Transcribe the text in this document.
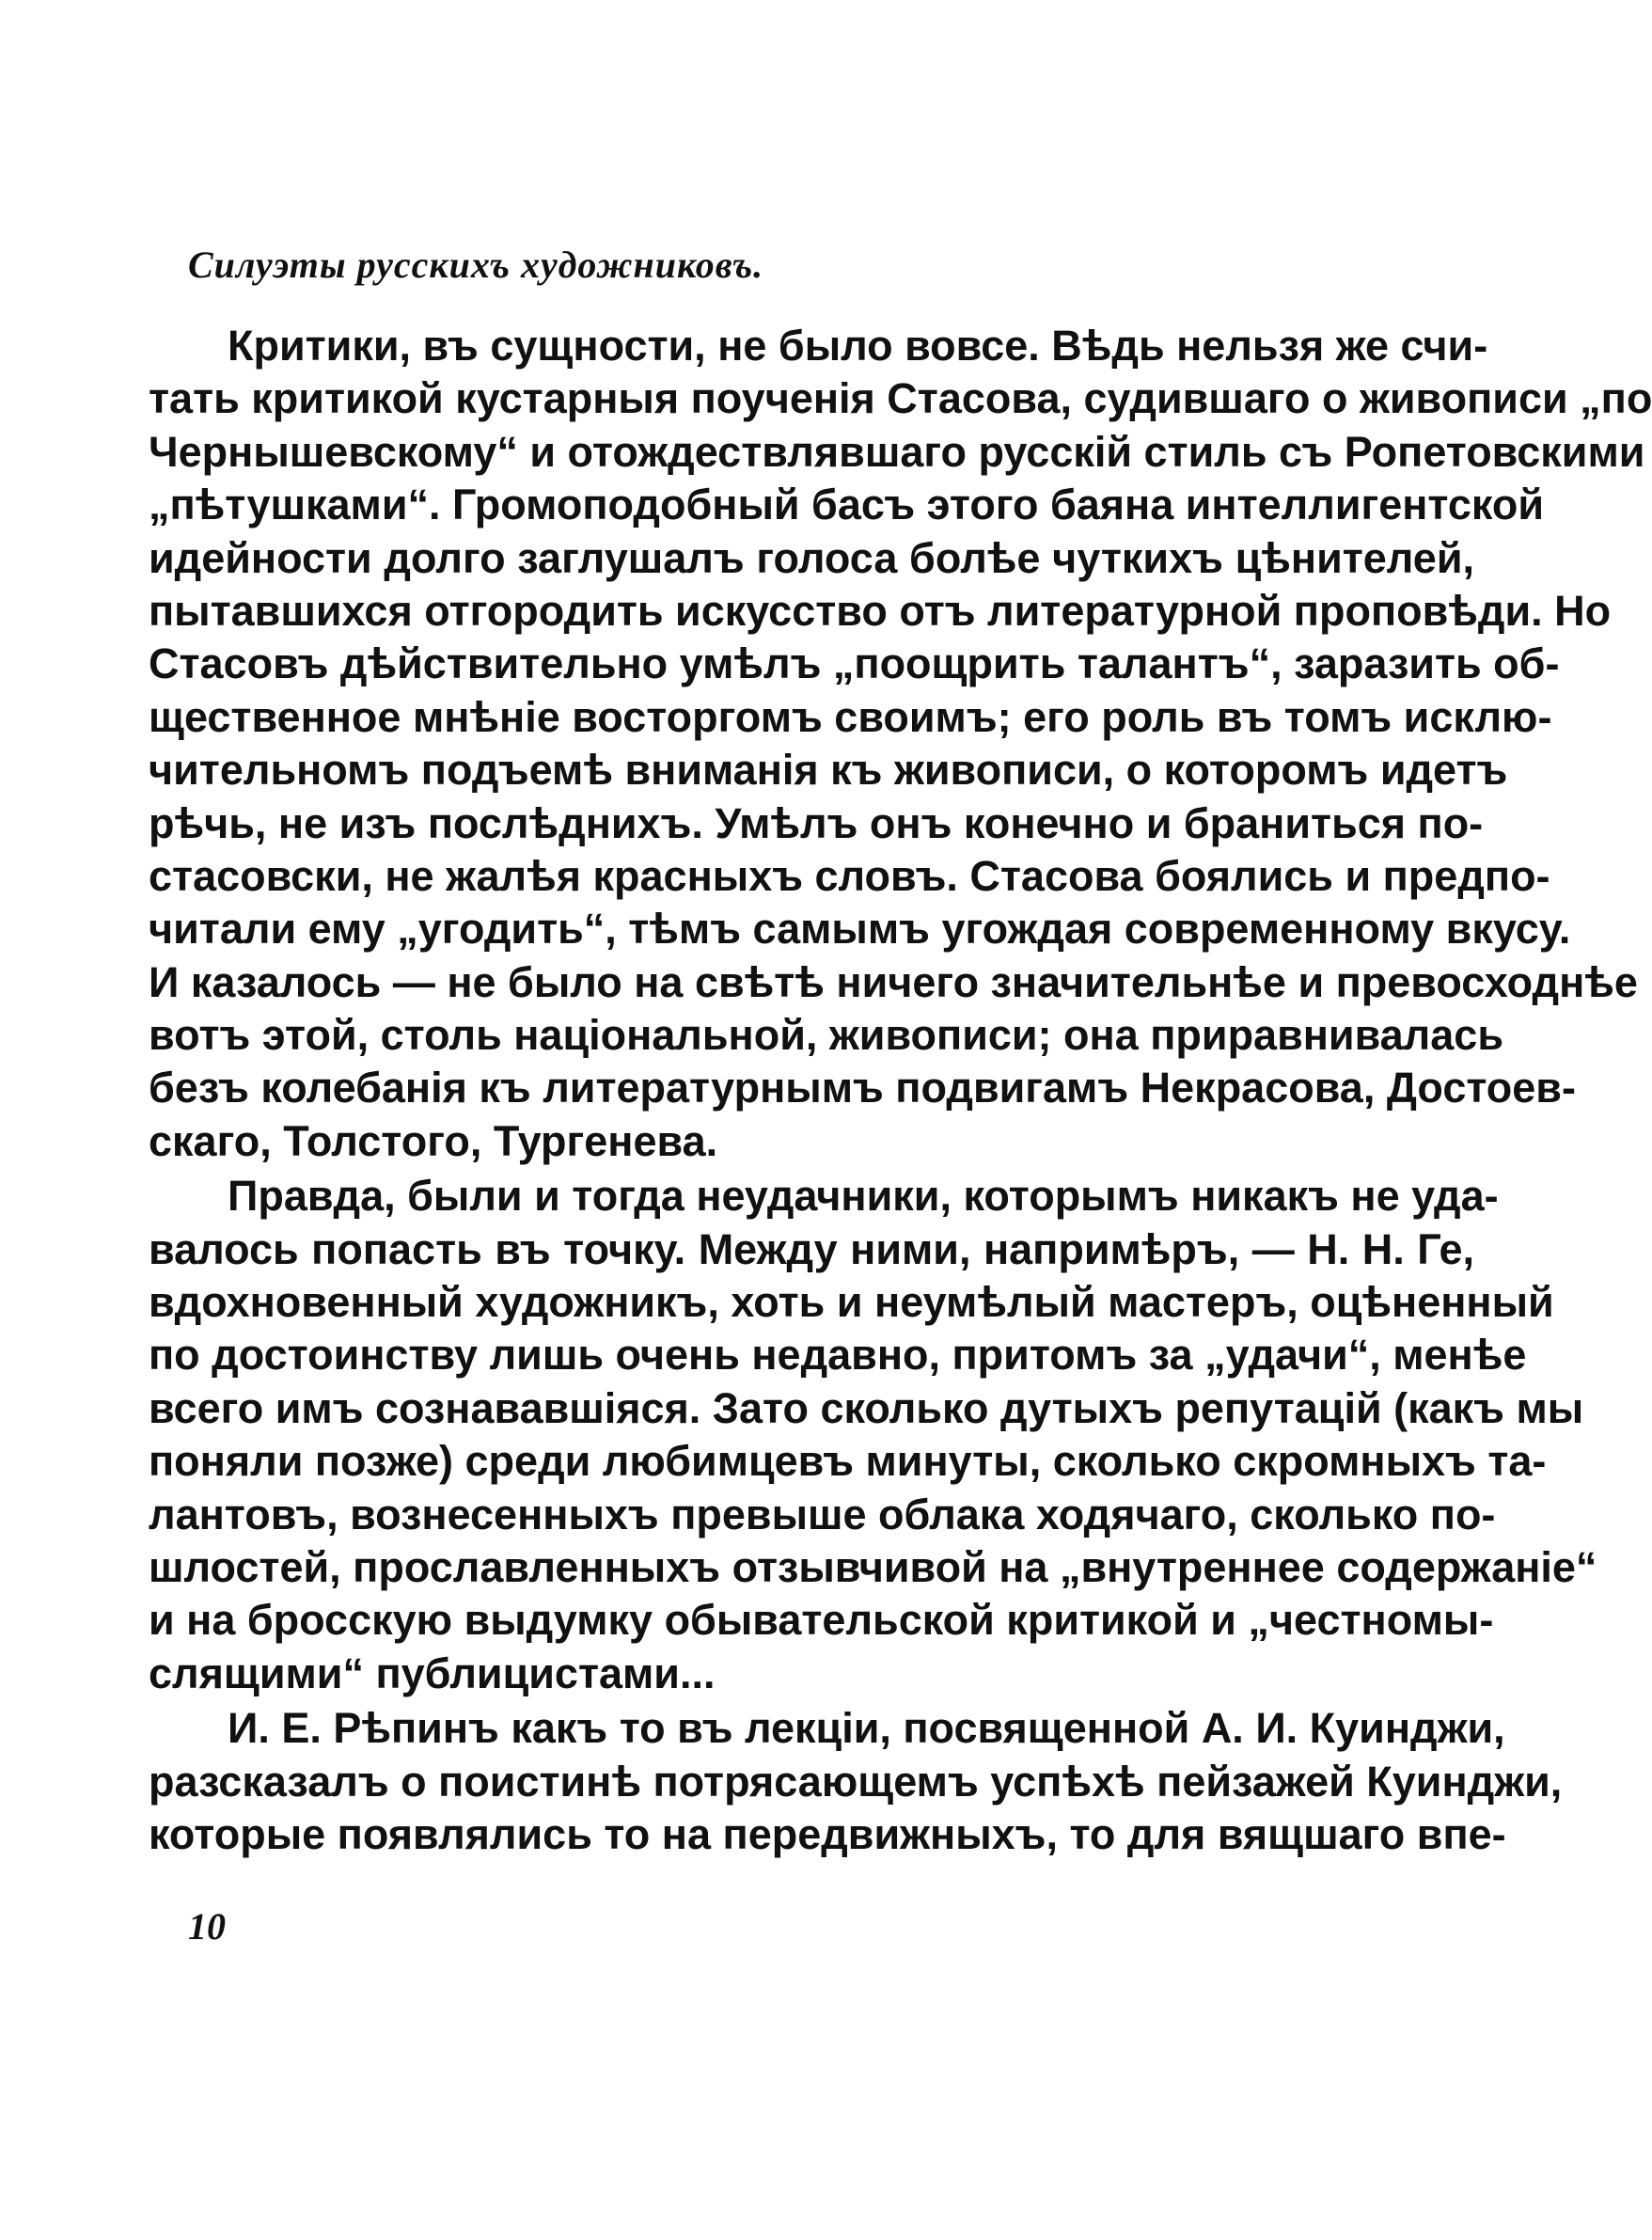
Силуэты русскихъ художниковъ.
Критики, въ сущности, не было вовсе. Вѣдь нельзя же счи-
тать критикой кустарныя поученія Стасова, судившаго о живописи „по
Чернышевскому“ и отождествлявшаго русскій стиль съ Ропетовскими
„пѣтушками“. Громоподобный басъ этого баяна интеллигентской
идейности долго заглушалъ голоса болѣе чуткихъ цѣнителей,
пытавшихся отгородить искусство отъ литературной проповѣди. Но
Стасовъ дѣйствительно умѣлъ „поощрить талантъ“, заразить об-
щественное мнѣніе восторгомъ своимъ; его роль въ томъ исклю-
чительномъ подъемѣ вниманія къ живописи, о которомъ идетъ
рѣчь, не изъ послѣднихъ. Умѣлъ онъ конечно и браниться по-
стасовски, не жалѣя красныхъ словъ. Стасова боялись и предпо-
читали ему „угодить“, тѣмъ самымъ угождая современному вкусу.
И казалось — не было на свѣтѣ ничего значительнѣе и превосходнѣе
вотъ этой, столь національной, живописи; она приравнивалась
безъ колебанія къ литературнымъ подвигамъ Некрасова, Достоев-
скаго, Толстого, Тургенева.
Правда, были и тогда неудачники, которымъ никакъ не уда-
валось попасть въ точку. Между ними, напримѣръ, — Н. Н. Ге,
вдохновенный художникъ, хоть и неумѣлый мастеръ, оцѣненный
по достоинству лишь очень недавно, притомъ за „удачи“, менѣе
всего имъ сознававшіяся. Зато сколько дутыхъ репутацій (какъ мы
поняли позже) среди любимцевъ минуты, сколько скромныхъ та-
лантовъ, вознесенныхъ превыше облака ходячаго, сколько по-
шлостей, прославленныхъ отзывчивой на „внутреннее содержаніе“
и на бросскую выдумку обывательской критикой и „честномы-
слящими“ публицистами...
И. Е. Рѣпинъ какъ то въ лекціи, посвященной А. И. Куинджи,
разсказалъ о поистинѣ потрясающемъ успѣхѣ пейзажей Куинджи,
которые появлялись то на передвижныхъ, то для вящшаго впе-
10
